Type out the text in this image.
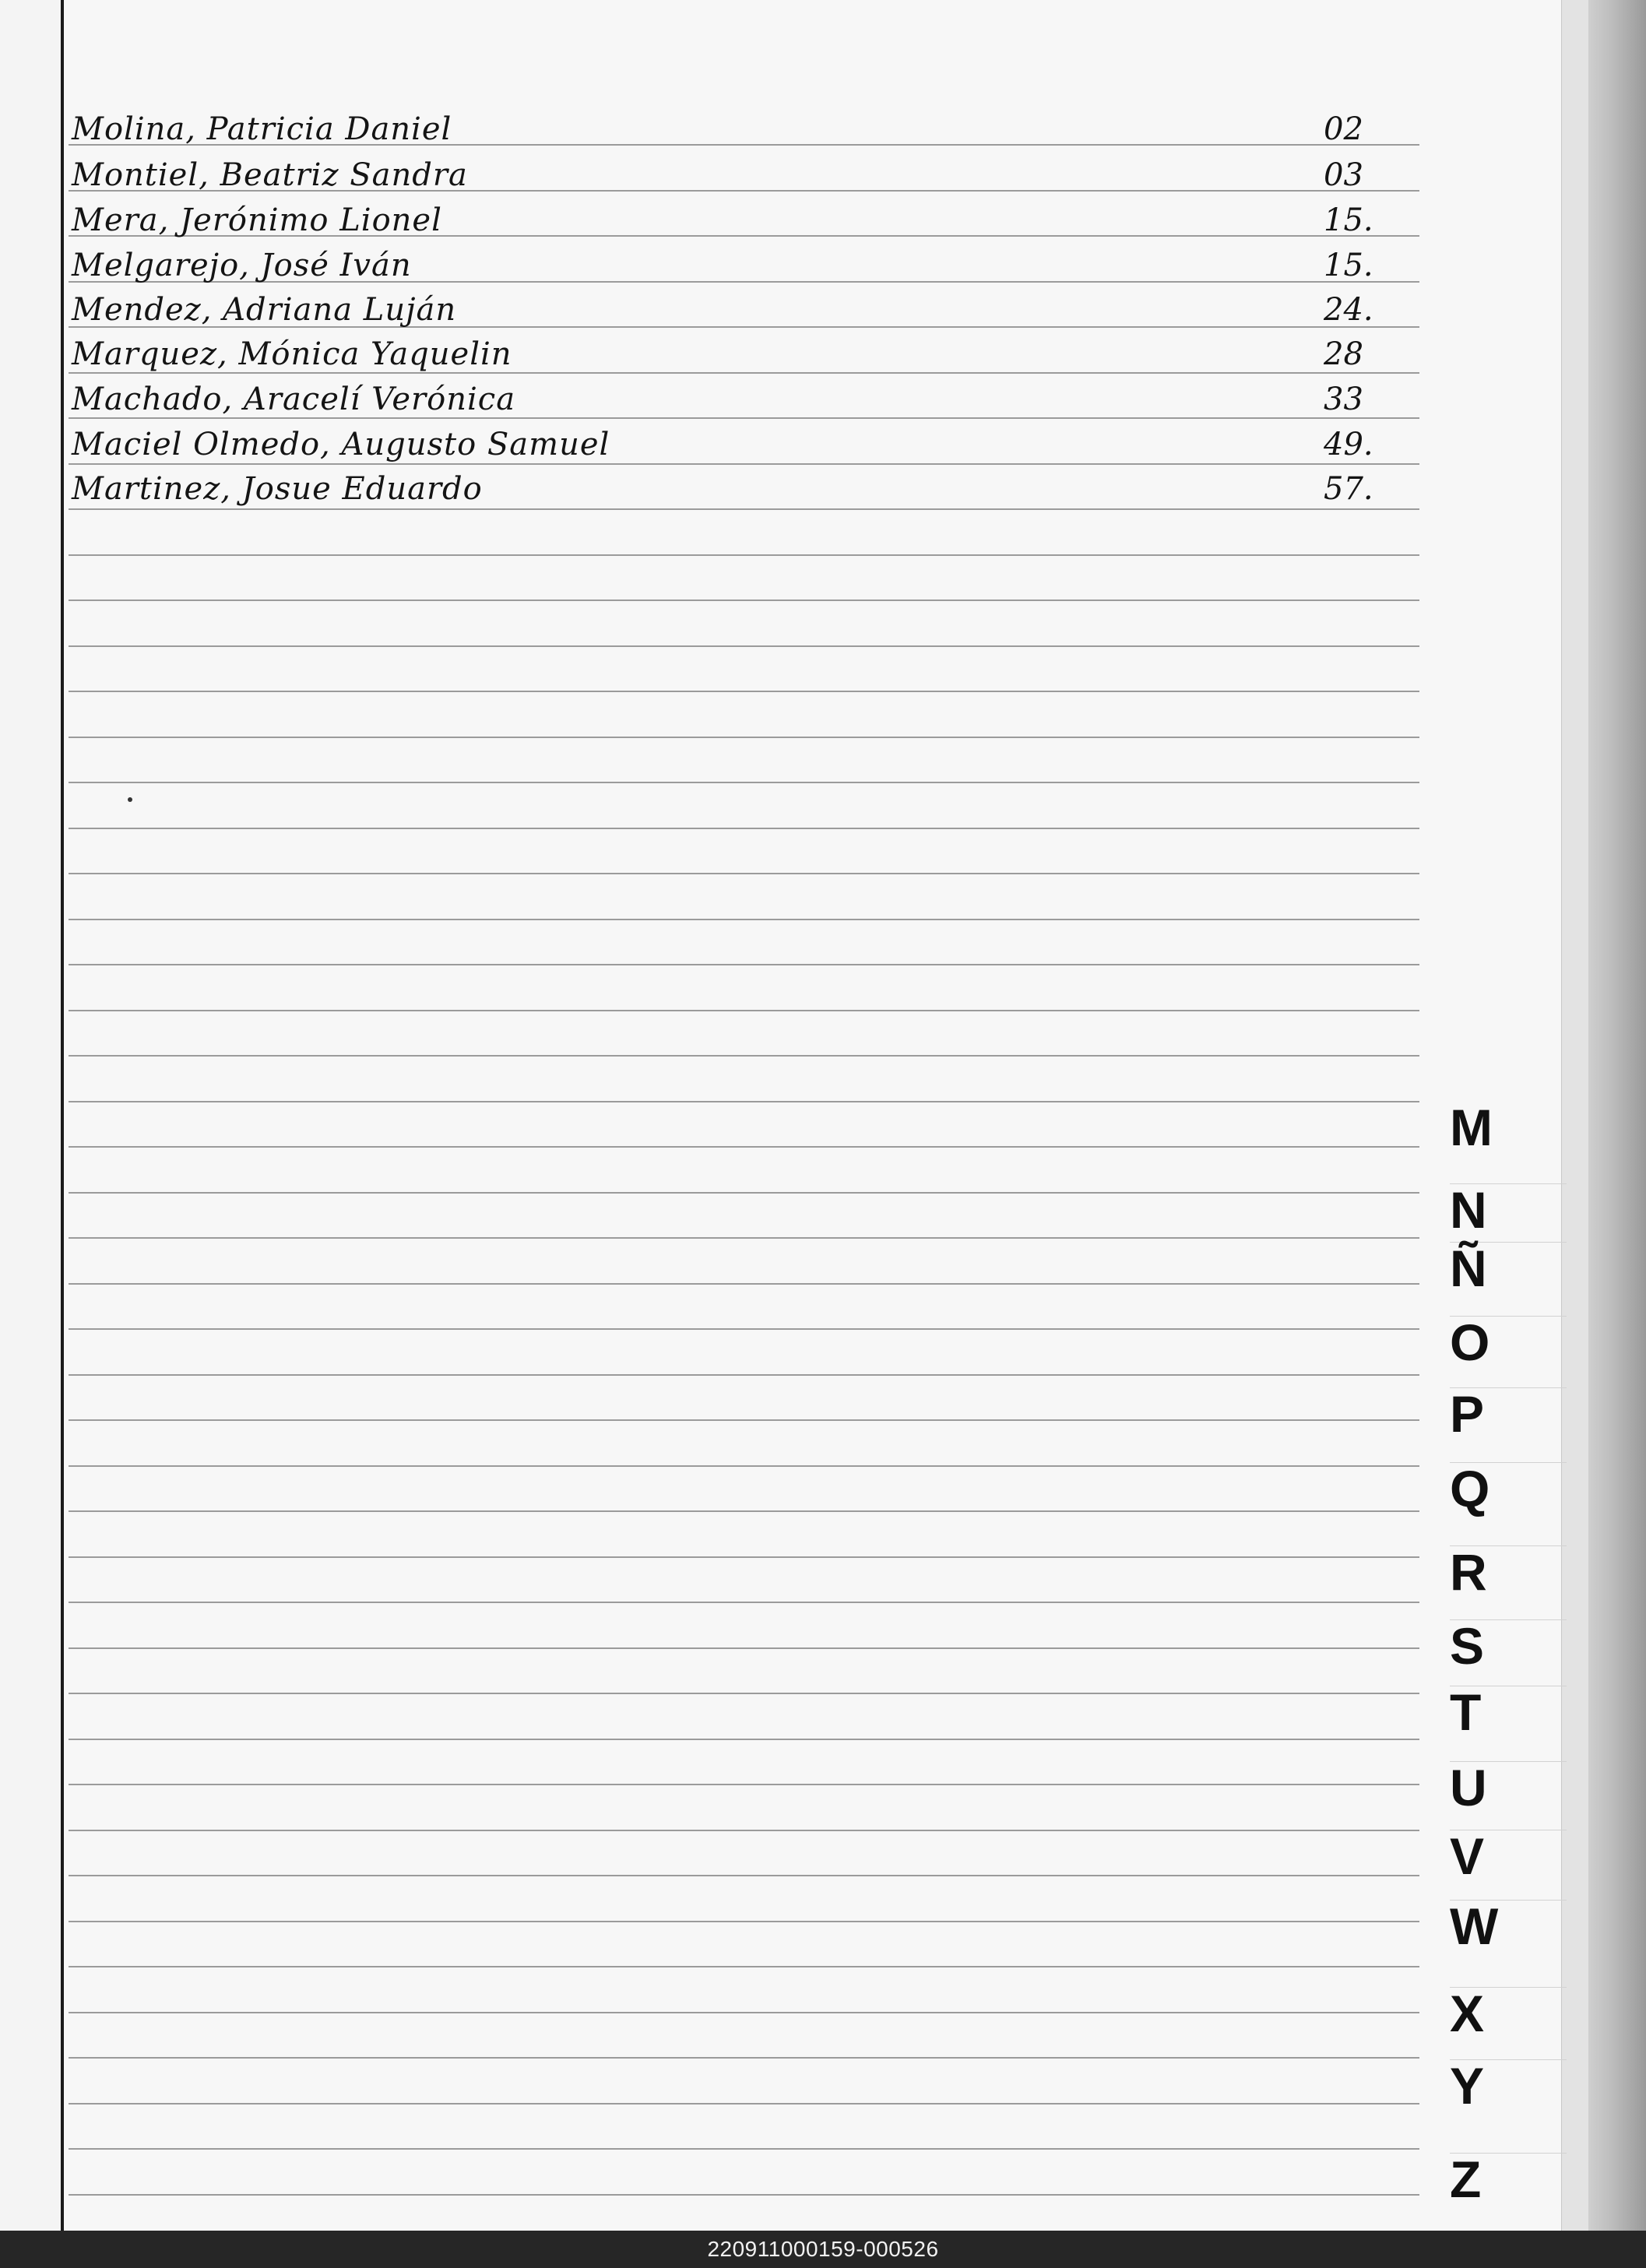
Molina, Patricia Daniel	02
Montiel, Beatriz Sandra	03
Mera, Jerónimo Lionel	15.
Melgarejo, José Iván	15.
Mendez, Adriana Luján	24.
Marquez, Mónica Yaquelin	28
Machado, Aracelí Verónica	33
Maciel Olmedo, Augusto Samuel	49.
Martinez, Josue Eduardo	57.
M
N
Ñ
O
P
Q
R
S
T
U
V
W
X
Y
Z
220911000159-000526
